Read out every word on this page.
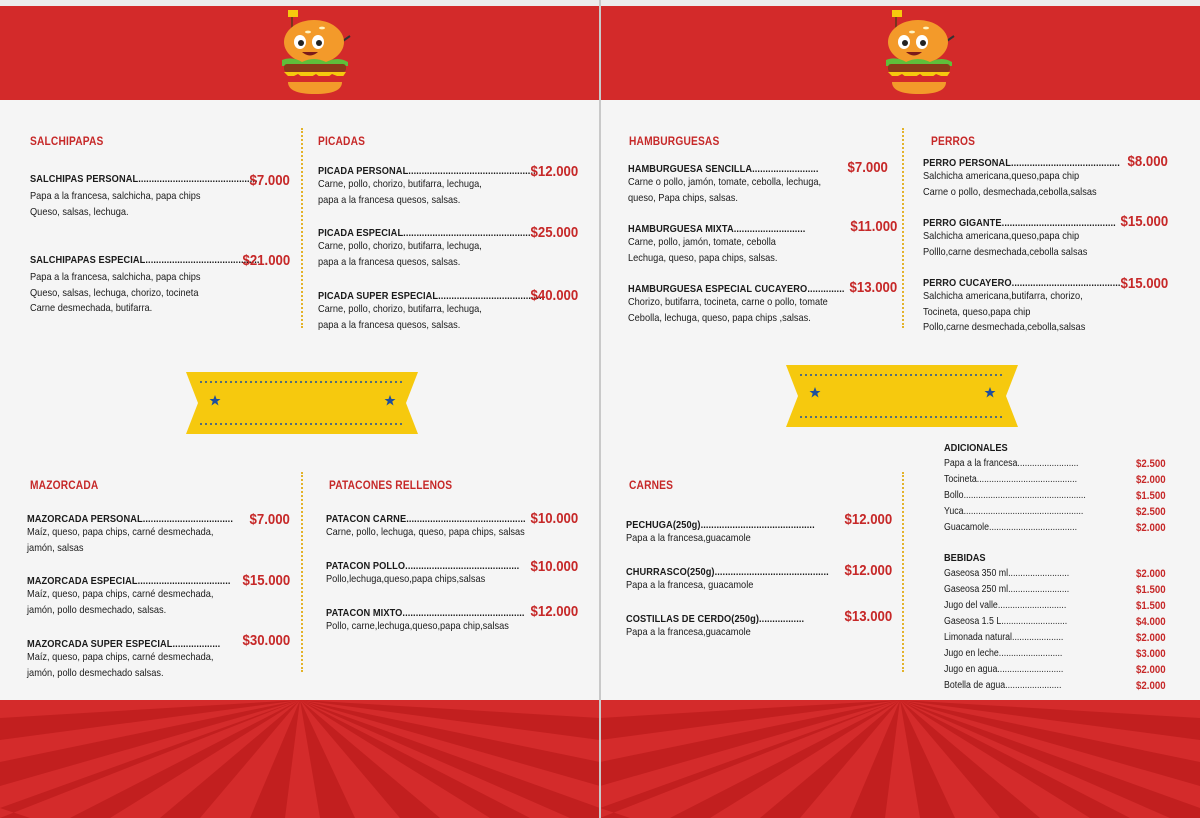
SALCHIPAPAS
SALCHIPAS PERSONAL.............................................
Papa a la francesa, salchicha, papa chips
Queso, salsas, lechuga.
$7.000
SALCHIPAPAS ESPECIAL...........................................
Papa a la francesa, salchicha, papa chips
Queso, salsas, lechuga, chorizo, tocineta
Carne desmechada, butifarra.
$21.000
PICADAS
PICADA PERSONAL................................................
Carne, pollo, chorizo, butifarra, lechuga,
papa a la francesa quesos, salsas.
$12.000
PICADA ESPECIAL.................................................
Carne, pollo, chorizo, butifarra, lechuga,
papa a la francesa quesos, salsas.
$25.000
PICADA SUPER ESPECIAL........................................
Carne, pollo, chorizo, butifarra, lechuga,
papa a la francesa quesos, salsas.
$40.000
MAZORCADA
MAZORCADA PERSONAL..................................
Maíz, queso, papa chips, carné desmechada,
jamón, salsas
$7.000
MAZORCADA ESPECIAL...................................
Maíz, queso, papa chips, carné desmechada,
jamón, pollo desmechado, salsas.
$15.000
MAZORCADA SUPER ESPECIAL..................
Maíz, queso, papa chips, carné desmechada,
jamón, pollo desmechado salsas.
$30.000
PATACONES RELLENOS
PATACON CARNE.............................................
Carne, pollo, lechuga, queso, papa chips, salsas
$10.000
PATACON POLLO...........................................
Pollo,lechuga,queso,papa chips,salsas
$10.000
PATACON MIXTO..............................................
Pollo, carne,lechuga,queso,papa chip,salsas
$12.000
HAMBURGUESAS
HAMBURGUESA SENCILLA.........................
Carne o pollo, jamón, tomate, cebolla, lechuga,
queso, Papa chips, salsas.
$7.000
HAMBURGUESA MIXTA...........................
Carne, pollo, jamón, tomate, cebolla
Lechuga, queso, papa chips, salsas.
$11.000
HAMBURGUESA ESPECIAL CUCAYERO..............
Chorizo, butifarra, tocineta, carne o pollo, tomate
Cebolla, lechuga, queso, papa chips ,salsas.
$13.000
PERROS
PERRO PERSONAL.........................................
Salchicha americana,queso,papa chip
Carne o pollo, desmechada,cebolla,salsas
$8.000
PERRO GIGANTE...........................................
Salchicha americana,queso,papa chip
Polllo,carne desmechada,cebolla salsas
$15.000
PERRO CUCAYERO.........................................
Salchicha americana,butifarra, chorizo,
Tocineta, queso,papa chip
Pollo,carne desmechada,cebolla,salsas
$15.000
CARNES
PECHUGA(250g)...........................................
Papa a la francesa,guacamole
$12.000
CHURRASCO(250g)...........................................
Papa a la francesa, guacamole
$12.000
COSTILLAS DE CERDO(250g).................
Papa a la francesa,guacamole
$13.000
ADICIONALES
Papa a la francesa.........................	$2.500
Tocineta.........................................	$2.000
Bollo..................................................	$1.500
Yuca.................................................	$2.500
Guacamole....................................	$2.000
BEBIDAS
Gaseosa 350 ml.........................	$2.000
Gaseosa 250 ml.........................	$1.500
Jugo del valle............................	$1.500
Gaseosa 1.5 L...........................	$4.000
Limonada natural.....................	$2.000
Jugo en leche..........................	$3.000
Jugo en agua...........................	$2.000
Botella de agua.......................	$2.000
